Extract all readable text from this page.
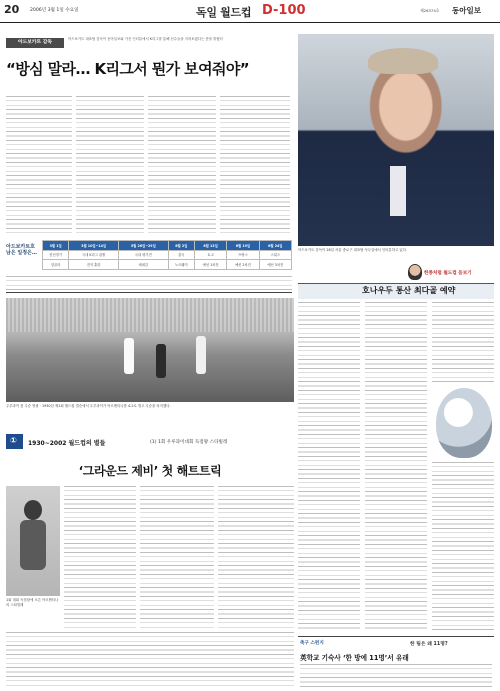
20 2006년 3월 1일 수요일	독일 월드컵 D-100	제26374호 동아일보
아드보카트 감독
아드보카트 대표팀 감독이 동아일보와 가진 인터뷰에서 K리그를 통해 선수들을 지켜보겠다는 뜻을 밝혔다
“방심 말라… K리그서 뭔가 보여줘야”
아드보카트 감독이 28일 서울 종로구 대표팀 사무실에서 인터뷰하고 있다.
아드보카트호
남은 일정은…
3월 1일	3월 10일~14일	5월 26일~29일	6월 2일	6월 13일	6월 19일	6월 24일
친선경기	국내 K리그 관찰	국내 평가전	출국	토고	프랑스	스위스
앙골라	전지 훈련	세네갈	노르웨이	예선 1차전	예선 2차전	예선 3차전
한종처럼 월드컵 돋보기
호나우두 통산 최다골 예약
우루과이 첫 우승 영광 · 1930년 제1회 월드컵 결승에서 우루과이가 아르헨티나를 4-2로 꺾고 우승을 차지했다.
① 1930~2002 월드컵의 별들	(1) 1회 우루과이대회 득점왕 스타빌레
‘그라운드 제비’ 첫 해트트릭
1회 대회 득점왕에 오른 아르헨티나의 스타빌레
축구 스펀지	한 팀은 왜 11명?
英학교 기숙사 ‘한 방에 11명’서 유래
